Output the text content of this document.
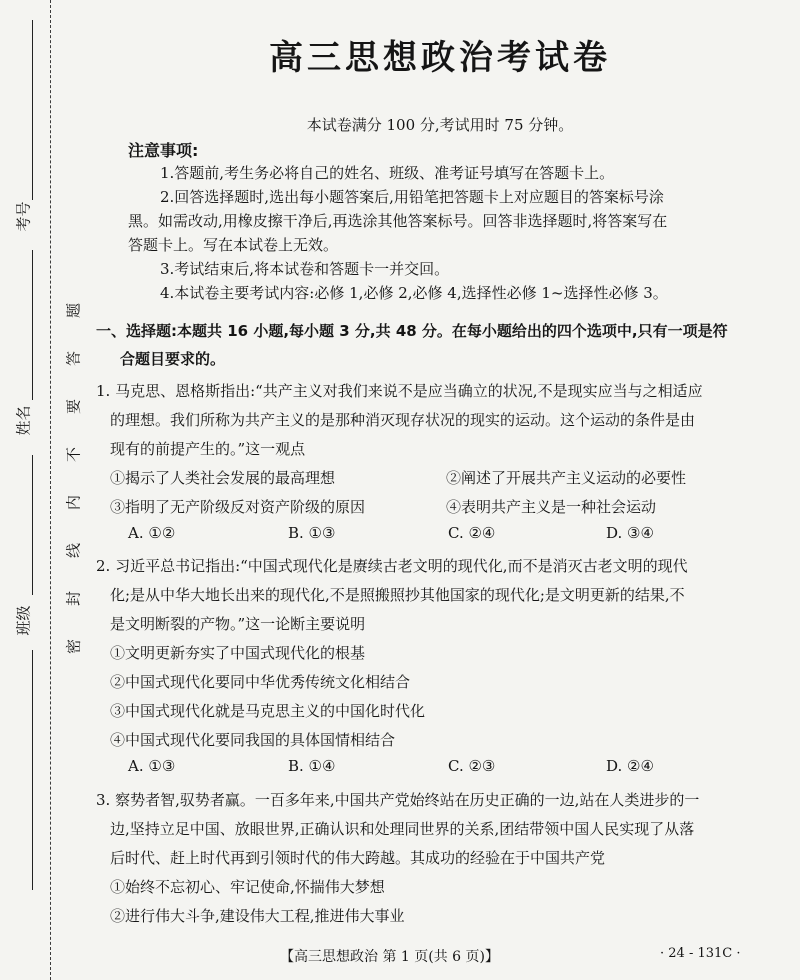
题
答
要
不
内
线
封
密
考号
姓名
班级
高三思想政治考试卷
本试卷满分 100 分,考试用时 75 分钟。
注意事项:
1.答题前,考生务必将自己的姓名、班级、准考证号填写在答题卡上。
2.回答选择题时,选出每小题答案后,用铅笔把答题卡上对应题目的答案标号涂
黑。如需改动,用橡皮擦干净后,再选涂其他答案标号。回答非选择题时,将答案写在
答题卡上。写在本试卷上无效。
3.考试结束后,将本试卷和答题卡一并交回。
4.本试卷主要考试内容:必修 1,必修 2,必修 4,选择性必修 1~选择性必修 3。
一、选择题:本题共 16 小题,每小题 3 分,共 48 分。在每小题给出的四个选项中,只有一项是符
合题目要求的。
1. 马克思、恩格斯指出:“共产主义对我们来说不是应当确立的状况,不是现实应当与之相适应
的理想。我们所称为共产主义的是那种消灭现存状况的现实的运动。这个运动的条件是由
现有的前提产生的。”这一观点
①揭示了人类社会发展的最高理想	②阐述了开展共产主义运动的必要性
③指明了无产阶级反对资产阶级的原因	④表明共产主义是一种社会运动
A. ①②	B. ①③	C. ②④	D. ③④
2. 习近平总书记指出:“中国式现代化是赓续古老文明的现代化,而不是消灭古老文明的现代
化;是从中华大地长出来的现代化,不是照搬照抄其他国家的现代化;是文明更新的结果,不
是文明断裂的产物。”这一论断主要说明
①文明更新夯实了中国式现代化的根基
②中国式现代化要同中华优秀传统文化相结合
③中国式现代化就是马克思主义的中国化时代化
④中国式现代化要同我国的具体国情相结合
A. ①③	B. ①④	C. ②③	D. ②④
3. 察势者智,驭势者赢。一百多年来,中国共产党始终站在历史正确的一边,站在人类进步的一
边,坚持立足中国、放眼世界,正确认识和处理同世界的关系,团结带领中国人民实现了从落
后时代、赶上时代再到引领时代的伟大跨越。其成功的经验在于中国共产党
①始终不忘初心、牢记使命,怀揣伟大梦想
②进行伟大斗争,建设伟大工程,推进伟大事业
【高三思想政治 第 1 页(共 6 页)】	· 24 - 131C ·
